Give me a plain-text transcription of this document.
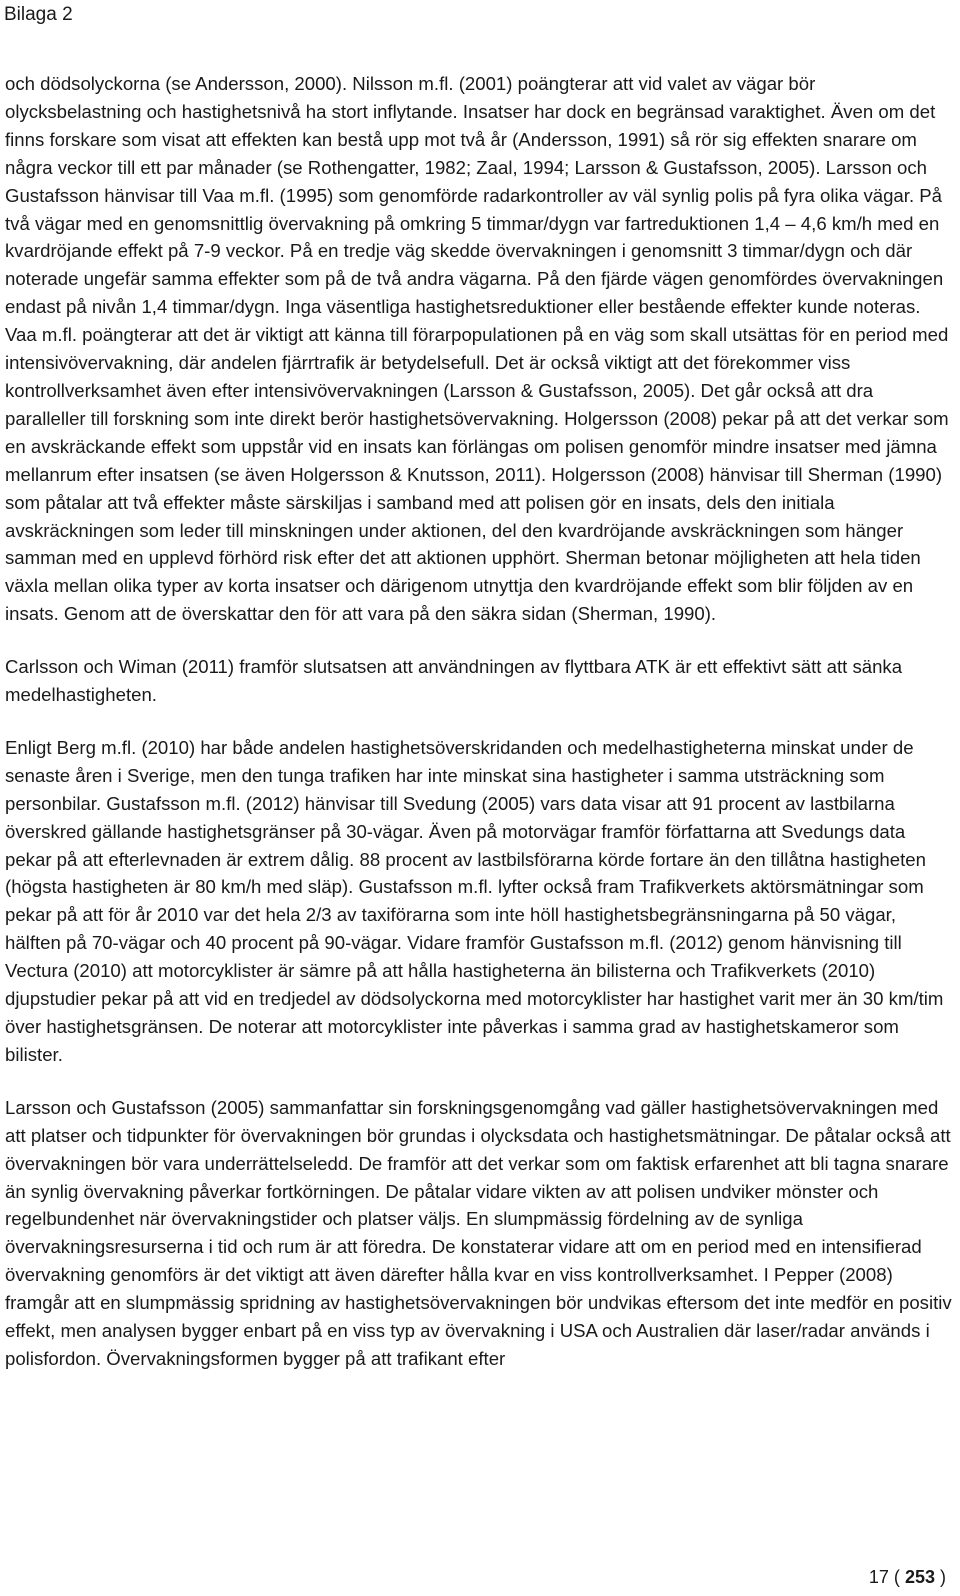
Bilaga 2

och dödsolyckorna (se Andersson, 2000). Nilsson m.fl. (2001) poängterar att vid valet av vägar bör olycksbelastning och hastighetsnivå ha stort inflytande. Insatser har dock en begränsad varaktighet. Även om det finns forskare som visat att effekten kan bestå upp mot två år (Andersson, 1991) så rör sig effekten snarare om några veckor till ett par månader (se Rothengatter, 1982; Zaal, 1994; Larsson & Gustafsson, 2005). Larsson och Gustafsson hänvisar till Vaa m.fl. (1995) som genomförde radarkontroller av väl synlig polis på fyra olika vägar. På två vägar med en genomsnittlig övervakning på omkring 5 timmar/dygn var fartreduktionen 1,4 – 4,6 km/h med en kvardröjande effekt på 7-9 veckor. På en tredje väg skedde övervakningen i genomsnitt 3 timmar/dygn och där noterade ungefär samma effekter som på de två andra vägarna. På den fjärde vägen genomfördes övervakningen endast på nivån 1,4 timmar/dygn. Inga väsentliga hastighetsreduktioner eller bestående effekter kunde noteras. Vaa m.fl. poängterar att det är viktigt att känna till förarpopulationen på en väg som skall utsättas för en period med intensivövervakning, där andelen fjärrtrafik är betydelsefull. Det är också viktigt att det förekommer viss kontrollverksamhet även efter intensivövervakningen (Larsson & Gustafsson, 2005). Det går också att dra paralleller till forskning som inte direkt berör hastighetsövervakning. Holgersson (2008) pekar på att det verkar som en avskräckande effekt som uppstår vid en insats kan förlängas om polisen genomför mindre insatser med jämna mellanrum efter insatsen (se även Holgersson & Knutsson, 2011). Holgersson (2008) hänvisar till Sherman (1990) som påtalar att två effekter måste särskiljas i samband med att polisen gör en insats, dels den initiala avskräckningen som leder till minskningen under aktionen, del den kvardröjande avskräckningen som hänger samman med en upplevd förhörd risk efter det att aktionen upphört. Sherman betonar möjligheten att hela tiden växla mellan olika typer av korta insatser och därigenom utnyttja den kvardröjande effekt som blir följden av en insats. Genom att de överskattar den för att vara på den säkra sidan (Sherman, 1990).

Carlsson och Wiman (2011) framför slutsatsen att användningen av flyttbara ATK är ett effektivt sätt att sänka medelhastigheten.

Enligt Berg m.fl. (2010) har både andelen hastighetsöverskridanden och medelhastigheterna minskat under de senaste åren i Sverige, men den tunga trafiken har inte minskat sina hastigheter i samma utsträckning som personbilar. Gustafsson m.fl. (2012) hänvisar till Svedung (2005) vars data visar att 91 procent av lastbilarna överskred gällande hastighetsgränser på 30-vägar. Även på motorvägar framför författarna att Svedungs data pekar på att efterlevnaden är extrem dålig. 88 procent av lastbilsförarna körde fortare än den tillåtna hastigheten (högsta hastigheten är 80 km/h med släp). Gustafsson m.fl. lyfter också fram Trafikverkets aktörsmätningar som pekar på att för år 2010 var det hela 2/3 av taxiförarna som inte höll hastighetsbegränsningarna på 50 vägar, hälften på 70-vägar och 40 procent på 90-vägar. Vidare framför Gustafsson m.fl. (2012) genom hänvisning till Vectura (2010) att motorcyklister är sämre på att hålla hastigheterna än bilisterna och Trafikverkets (2010) djupstudier pekar på att vid en tredjedel av dödsolyckorna med motorcyklister har hastighet varit mer än 30 km/tim över hastighetsgränsen. De noterar att motorcyklister inte påverkas i samma grad av hastighetskameror som bilister.

Larsson och Gustafsson (2005) sammanfattar sin forskningsgenomgång vad gäller hastighetsövervakningen med att platser och tidpunkter för övervakningen bör grundas i olycksdata och hastighetsmätningar. De påtalar också att övervakningen bör vara underrättelseledd. De framför att det verkar som om faktisk erfarenhet att bli tagna snarare än synlig övervakning påverkar fortkörningen. De påtalar vidare vikten av att polisen undviker mönster och regelbundenhet när övervakningstider och platser väljs. En slumpmässig fördelning av de synliga övervakningsresurserna i tid och rum är att föredra. De konstaterar vidare att om en period med en intensifierad övervakning genomförs är det viktigt att även därefter hålla kvar en viss kontrollverksamhet. I Pepper (2008) framgår att en slumpmässig spridning av hastighetsövervakningen bör undvikas eftersom det inte medför en positiv effekt, men analysen bygger enbart på en viss typ av övervakning i USA och Australien där laser/radar används i polisfordon. Övervakningsformen bygger på att trafikant efter

17 ( 253 )
